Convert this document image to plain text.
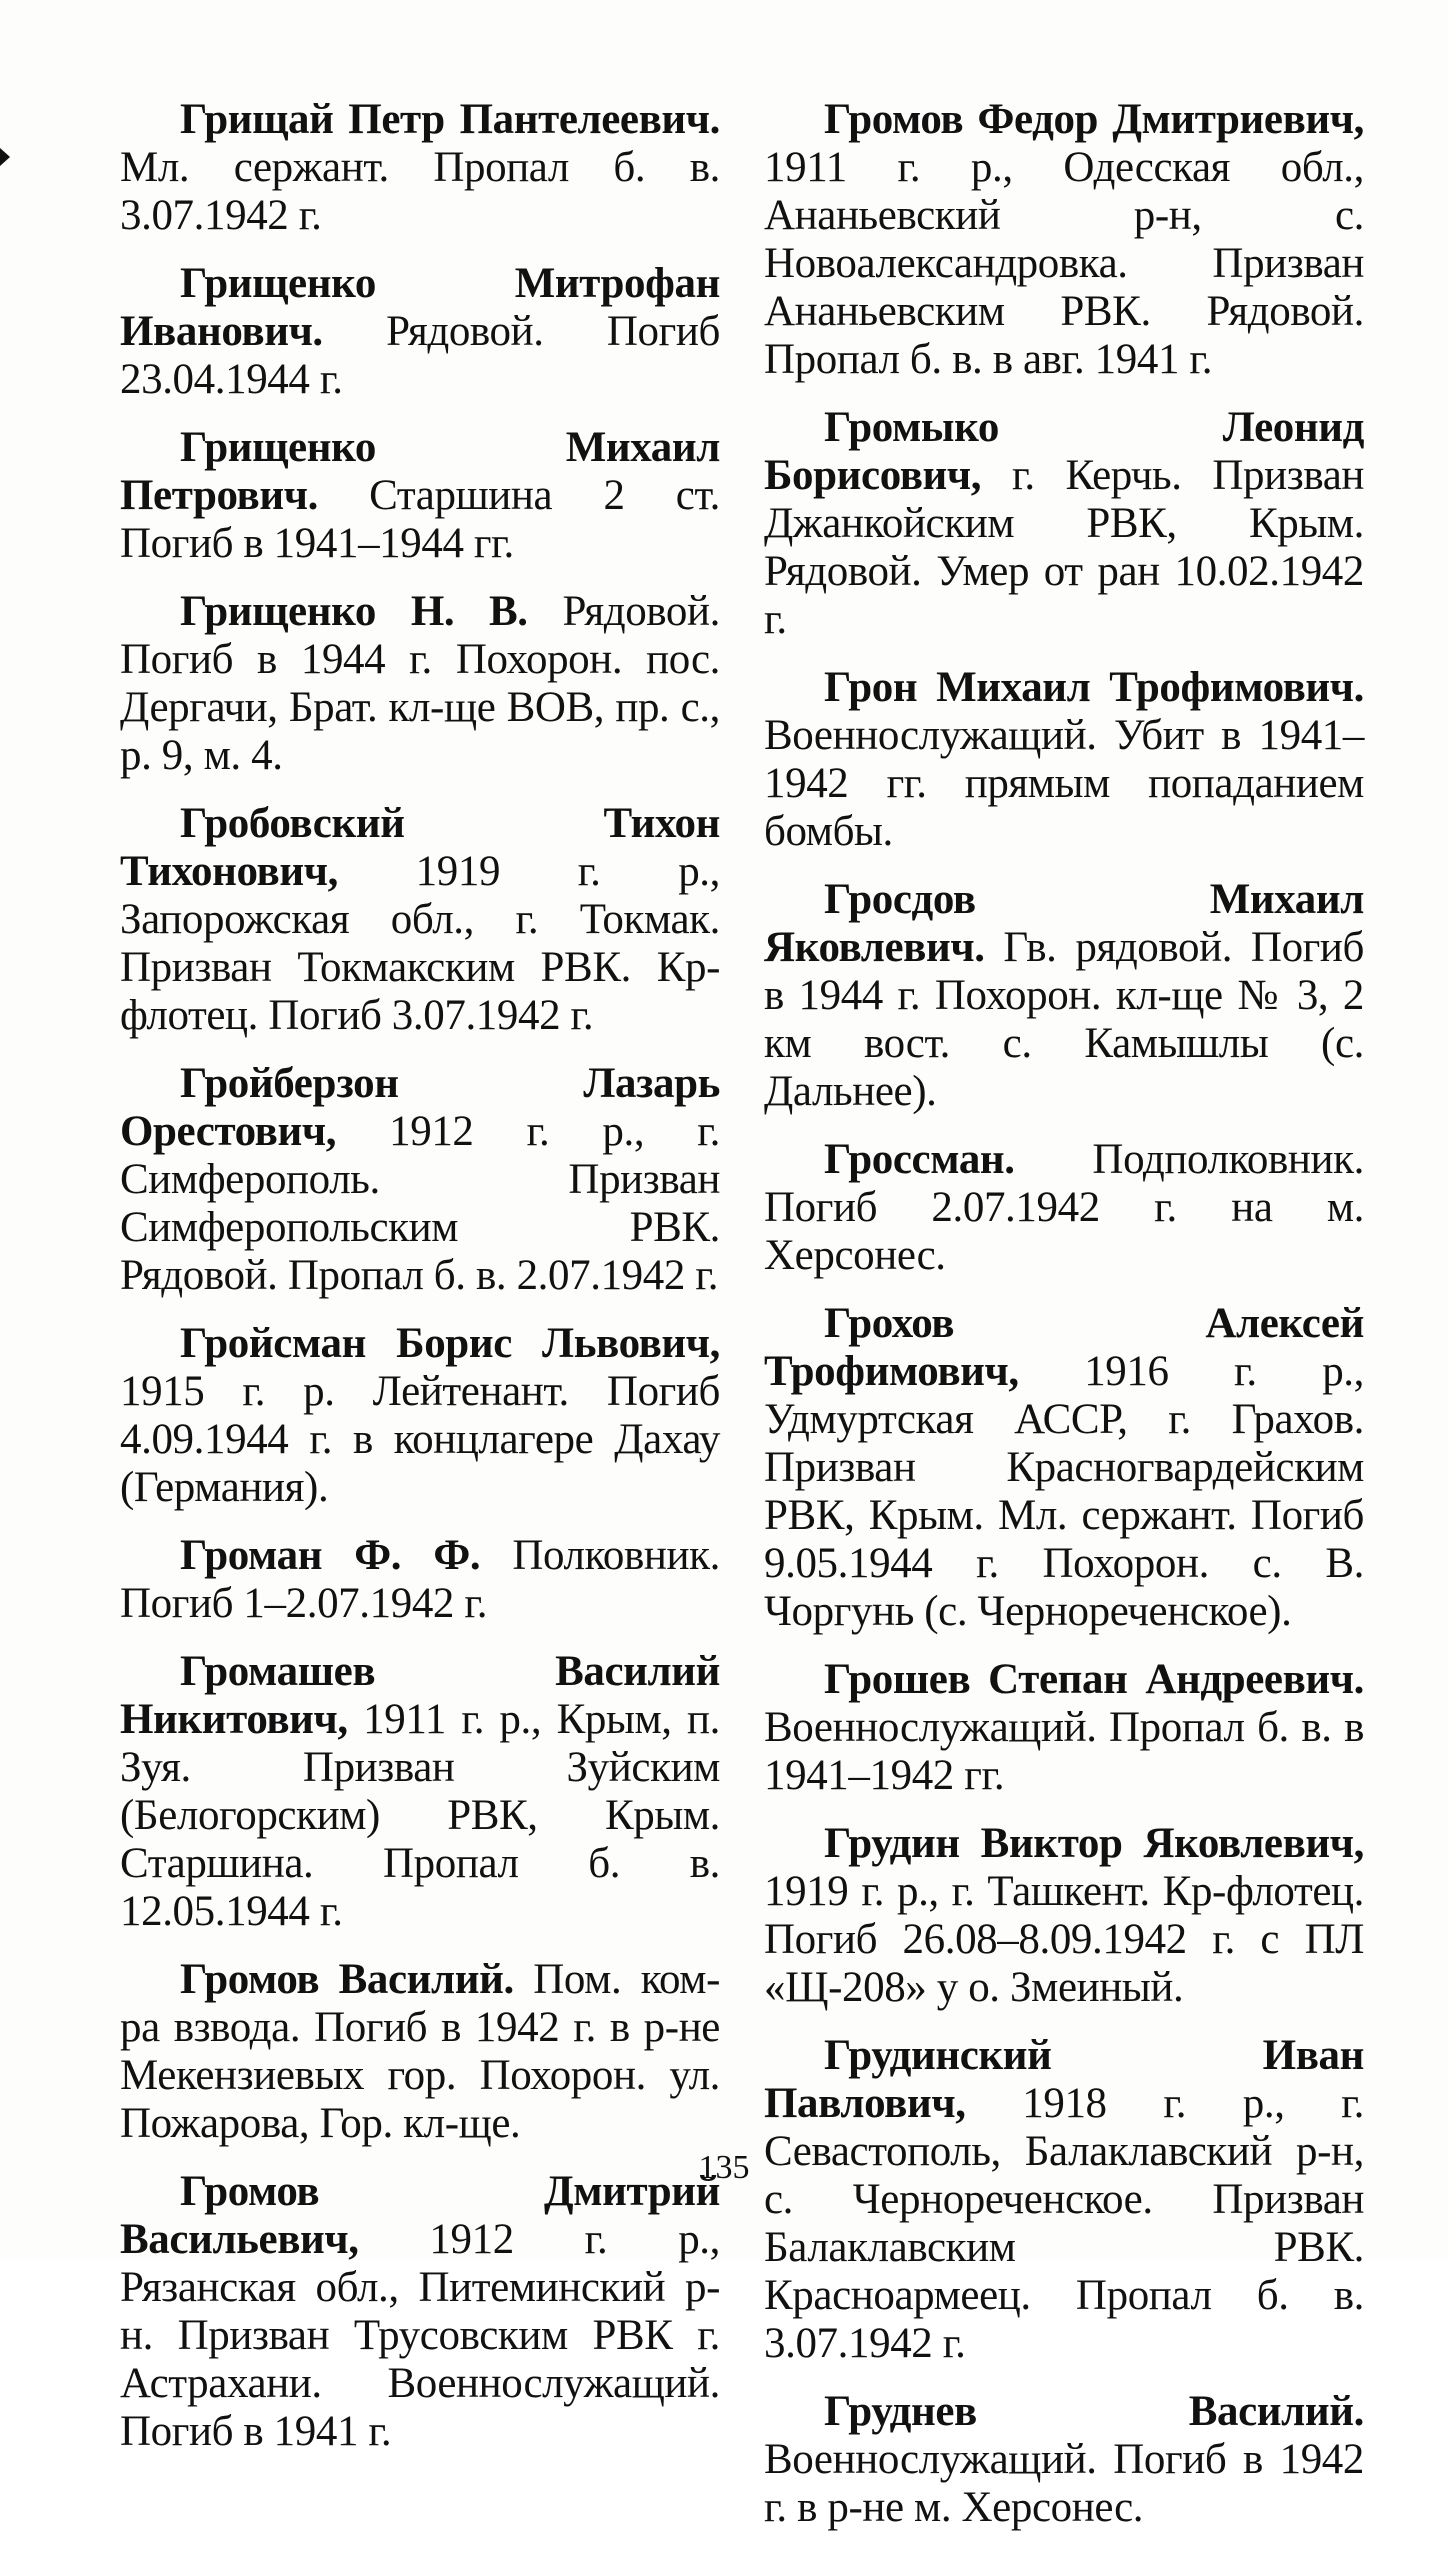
Грищай Петр Пантелеевич. Мл. сержант. Пропал б. в. 3.07.1942 г.

Грищенко Митрофан Иванович. Рядовой. Погиб 23.04.1944 г.

Грищенко Михаил Петрович. Старшина 2 ст. Погиб в 1941–1944 гг.

Грищенко Н. В. Рядовой. Погиб в 1944 г. Похорон. пос. Дергачи, Брат. кл-ще ВОВ, пр. с., р. 9, м. 4.

Гробовский Тихон Тихонович, 1919 г. р., Запорожская обл., г. Токмак. Призван Токмакским РВК. Кр-флотец. Погиб 3.07.1942 г.

Гройберзон Лазарь Орестович, 1912 г. р., г. Симферополь. Призван Симферопольским РВК. Рядовой. Пропал б. в. 2.07.1942 г.

Гройсман Борис Львович, 1915 г. р. Лейтенант. Погиб 4.09.1944 г. в концлагере Дахау (Германия).

Громан Ф. Ф. Полковник. Погиб 1–2.07.1942 г.

Громашев Василий Никитович, 1911 г. р., Крым, п. Зуя. Призван Зуйским (Белогорским) РВК, Крым. Старшина. Пропал б. в. 12.05.1944 г.

Громов Василий. Пом. ком-ра взвода. Погиб в 1942 г. в р-не Мекензиевых гор. Похорон. ул. Пожарова, Гор. кл-ще.

Громов Дмитрий Васильевич, 1912 г. р., Рязанская обл., Питеминский р-н. Призван Трусовским РВК г. Астрахани. Военнослужащий. Погиб в 1941 г.

Громов Федор Дмитриевич, 1911 г. р., Одесская обл., Ананьевский р-н, с. Новоалександровка. Призван Ананьевским РВК. Рядовой. Пропал б. в. в авг. 1941 г.

Громыко Леонид Борисович, г. Керчь. Призван Джанкойским РВК, Крым. Рядовой. Умер от ран 10.02.1942 г.

Грон Михаил Трофимович. Военнослужащий. Убит в 1941–1942 гг. прямым попаданием бомбы.

Гросдов Михаил Яковлевич. Гв. рядовой. Погиб в 1944 г. Похорон. кл-ще № 3, 2 км вост. с. Камышлы (с. Дальнее).

Гроссман. Подполковник. Погиб 2.07.1942 г. на м. Херсонес.

Грохов Алексей Трофимович, 1916 г. р., Удмуртская АССР, г. Грахов. Призван Красногвардейским РВК, Крым. Мл. сержант. Погиб 9.05.1944 г. Похорон. с. В. Чоргунь (с. Чернореченское).

Грошев Степан Андреевич. Военнослужащий. Пропал б. в. в 1941–1942 гг.

Грудин Виктор Яковлевич, 1919 г. р., г. Ташкент. Кр-флотец. Погиб 26.08–8.09.1942 г. с ПЛ «Щ-208» у о. Змеиный.

Грудинский Иван Павлович, 1918 г. р., г. Севастополь, Балаклавский р-н, с. Чернореченское. Призван Балаклавским РВК. Красноармеец. Пропал б. в. 3.07.1942 г.

Груднев Василий. Военнослужащий. Погиб в 1942 г. в р-не м. Херсонес.

135
